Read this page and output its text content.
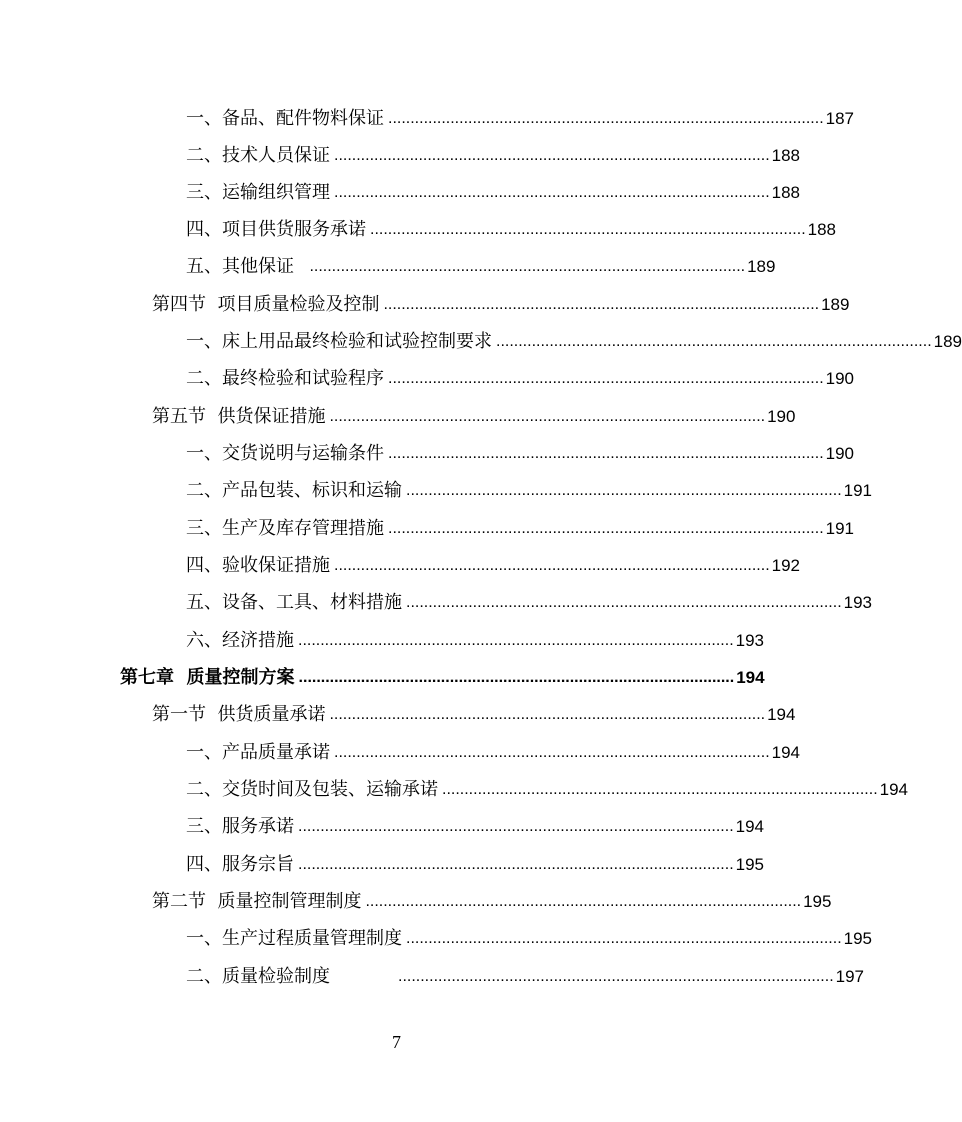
一、备品、配件物料保证 .................................................................................................. 187
二、技术人员保证 .................................................................................................. 188
三、运输组织管理 .................................................................................................. 188
四、项目供货服务承诺 .................................................................................................. 188
五、其他保证 .................................................................................................. 189
第四节  项目质量检验及控制 .................................................................................................. 189
一、床上用品最终检验和试验控制要求 .................................................................................................. 189
二、最终检验和试验程序 .................................................................................................. 190
第五节  供货保证措施 .................................................................................................. 190
一、交货说明与运输条件 .................................................................................................. 190
二、产品包装、标识和运输 .................................................................................................. 191
三、生产及库存管理措施 .................................................................................................. 191
四、验收保证措施 .................................................................................................. 192
五、设备、工具、材料措施 .................................................................................................. 193
六、经济措施 .................................................................................................. 193
第七章  质量控制方案 .................................................................................................. 194
第一节  供货质量承诺 .................................................................................................. 194
一、产品质量承诺 .................................................................................................. 194
二、交货时间及包装、运输承诺 .................................................................................................. 194
三、服务承诺 .................................................................................................. 194
四、服务宗旨 .................................................................................................. 195
第二节  质量控制管理制度 .................................................................................................. 195
一、生产过程质量管理制度 .................................................................................................. 195
二、质量检验制度	.................................................................................................. 197
7
